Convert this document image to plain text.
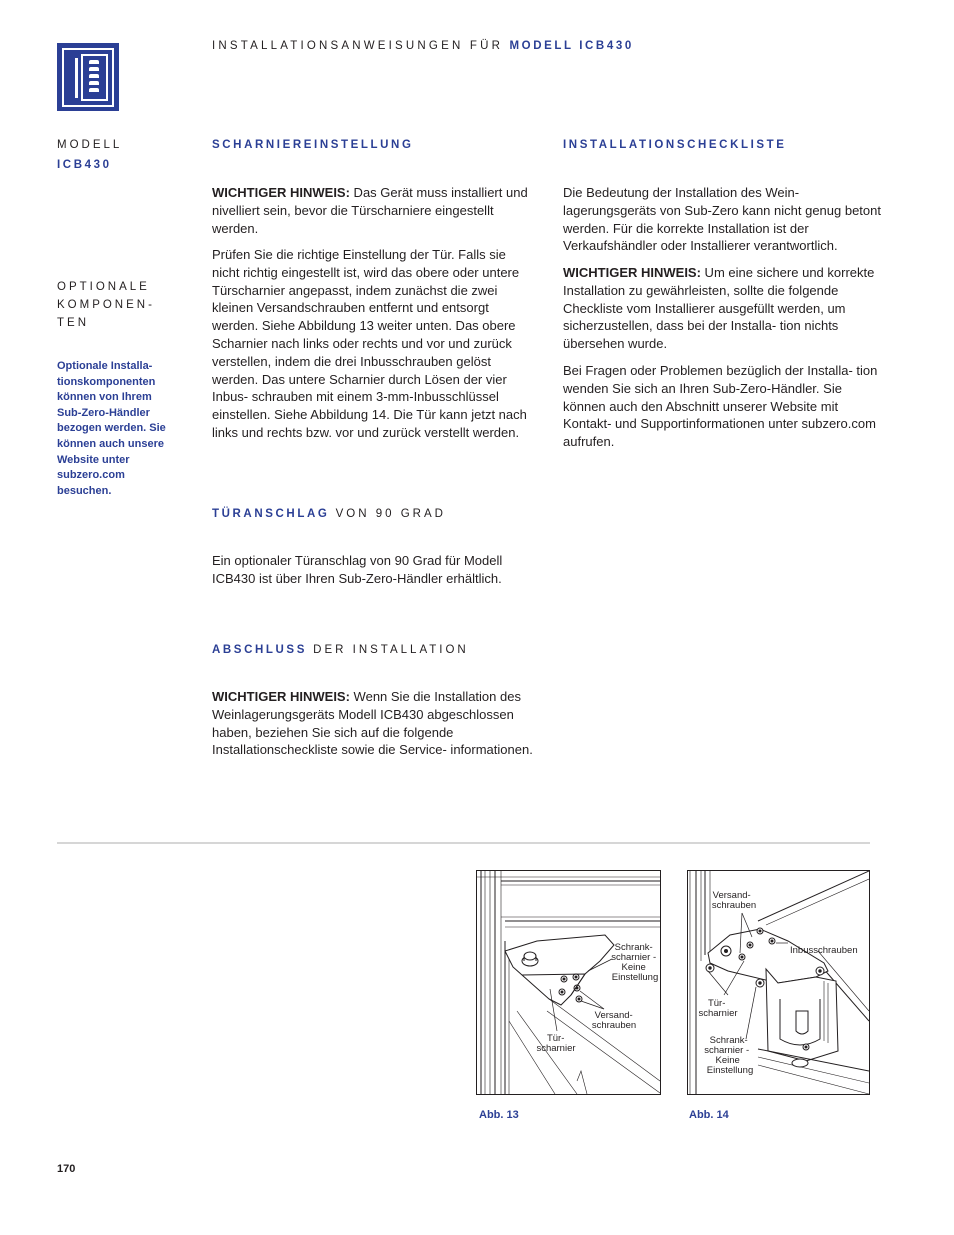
INSTALLATIONSANWEISUNGEN FÜR MODELL ICB430
MODELL
ICB430
OPTIONALE KOMPONEN- TEN
Optionale Installa- tionskomponenten können von Ihrem Sub-Zero-Händler bezogen werden. Sie können auch unsere Website unter subzero.com besuchen.
SCHARNIEREINSTELLUNG
WICHTIGER HINWEIS: Das Gerät muss installiert und nivelliert sein, bevor die Türscharniere eingestellt werden.
Prüfen Sie die richtige Einstellung der Tür. Falls sie nicht richtig eingestellt ist, wird das obere oder untere Türscharnier angepasst, indem zunächst die zwei kleinen Versandschrauben entfernt und entsorgt werden. Siehe Abbildung 13 weiter unten. Das obere Scharnier nach links oder rechts und vor und zurück verstellen, indem die drei Inbusschrauben gelöst werden. Das untere Scharnier durch Lösen der vier Inbus- schrauben mit einem 3-mm-Inbusschlüssel einstellen. Siehe Abbildung 14. Die Tür kann jetzt nach links und rechts bzw. vor und zurück verstellt werden.
TÜRANSCHLAG VON 90 GRAD
Ein optionaler Türanschlag von 90 Grad für Modell ICB430 ist über Ihren Sub-Zero-Händler erhältlich.
ABSCHLUSS DER INSTALLATION
WICHTIGER HINWEIS: Wenn Sie die Installation des Weinlagerungsgeräts Modell ICB430 abgeschlossen haben, beziehen Sie sich auf die folgende Installationscheckliste sowie die Service- informationen.
INSTALLATIONSCHECKLISTE
Die Bedeutung der Installation des Wein- lagerungsgeräts von Sub-Zero kann nicht genug betont werden. Für die korrekte Installation ist der Verkaufshändler oder Installierer verantwortlich.
WICHTIGER HINWEIS: Um eine sichere und korrekte Installation zu gewährleisten, sollte die folgende Checkliste vom Installierer ausgefüllt werden, um sicherzustellen, dass bei der Installa- tion nichts übersehen wurde.
Bei Fragen oder Problemen bezüglich der Installa- tion wenden Sie sich an Ihren Sub-Zero-Händler. Sie können auch den Abschnitt unserer Website mit Kontakt- und Supportinformationen unter subzero.com aufrufen.
Schrank- scharnier - Keine Einstellung
Versand- schrauben
Tür- scharnier
Abb. 13
Versand- schrauben
Inbusschrauben
Tür- scharnier
Schrank- scharnier - Keine Einstellung
Abb. 14
170
